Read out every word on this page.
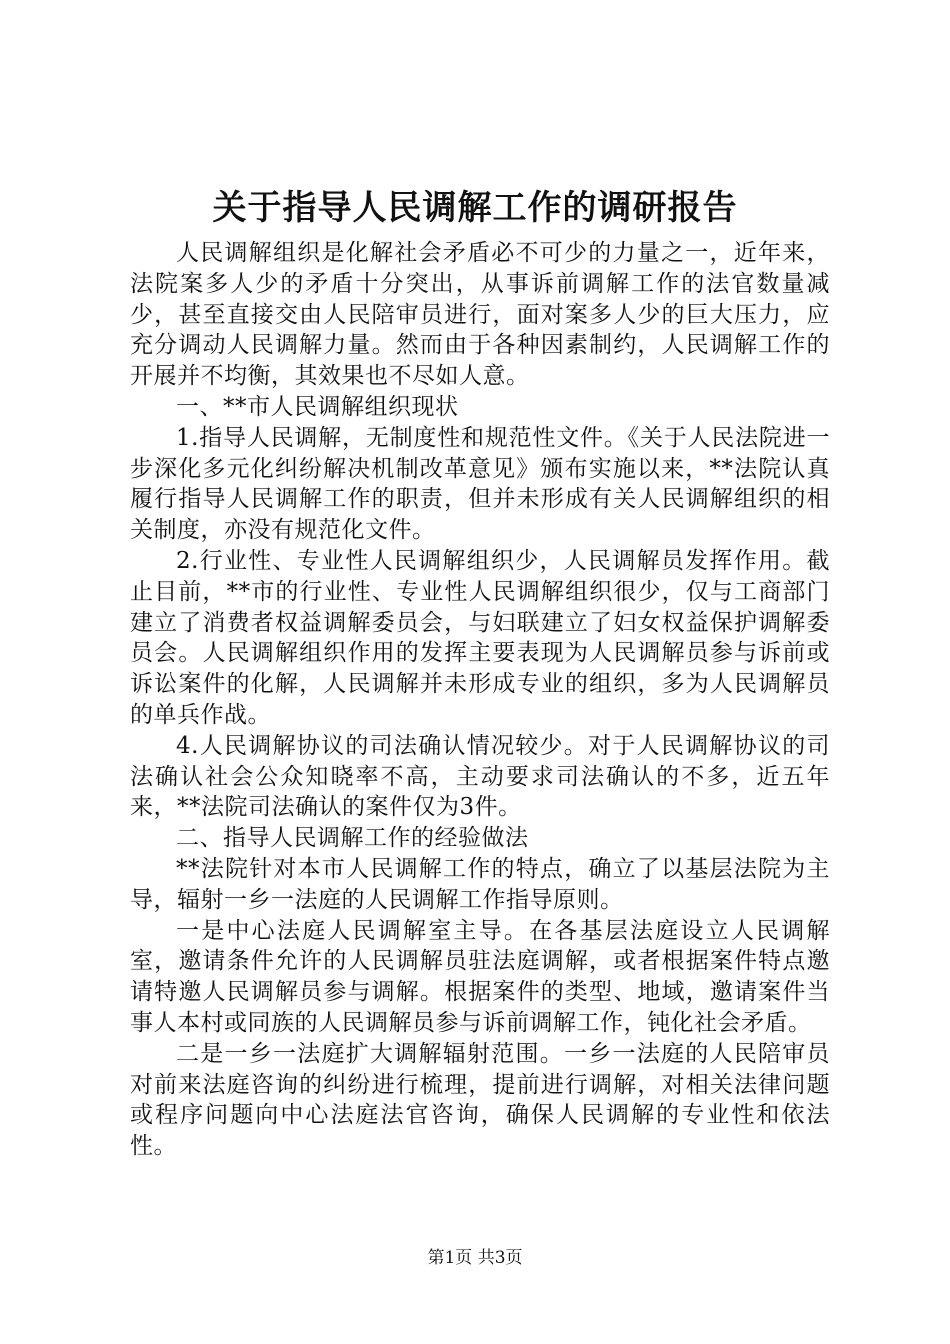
关于指导人民调解工作的调研报告

人民调解组织是化解社会矛盾必不可少的力量之一，近年来，法院案多人少的矛盾十分突出，从事诉前调解工作的法官数量减少，甚至直接交由人民陪审员进行，面对案多人少的巨大压力，应充分调动人民调解力量。然而由于各种因素制约，人民调解工作的开展并不均衡，其效果也不尽如人意。

一、**市人民调解组织现状

1.指导人民调解，无制度性和规范性文件。《关于人民法院进一步深化多元化纠纷解决机制改革意见》颁布实施以来，**法院认真履行指导人民调解工作的职责，但并未形成有关人民调解组织的相关制度，亦没有规范化文件。

2.行业性、专业性人民调解组织少，人民调解员发挥作用。截止目前，**市的行业性、专业性人民调解组织很少，仅与工商部门建立了消费者权益调解委员会，与妇联建立了妇女权益保护调解委员会。人民调解组织作用的发挥主要表现为人民调解员参与诉前或诉讼案件的化解，人民调解并未形成专业的组织，多为人民调解员的单兵作战。

4.人民调解协议的司法确认情况较少。对于人民调解协议的司法确认社会公众知晓率不高，主动要求司法确认的不多，近五年来，**法院司法确认的案件仅为3件。

二、指导人民调解工作的经验做法

**法院针对本市人民调解工作的特点，确立了以基层法院为主导，辐射一乡一法庭的人民调解工作指导原则。

一是中心法庭人民调解室主导。在各基层法庭设立人民调解室，邀请条件允许的人民调解员驻法庭调解，或者根据案件特点邀请特邀人民调解员参与调解。根据案件的类型、地域，邀请案件当事人本村或同族的人民调解员参与诉前调解工作，钝化社会矛盾。

二是一乡一法庭扩大调解辐射范围。一乡一法庭的人民陪审员对前来法庭咨询的纠纷进行梳理，提前进行调解，对相关法律问题或程序问题向中心法庭法官咨询，确保人民调解的专业性和依法性。

第1页 共3页
